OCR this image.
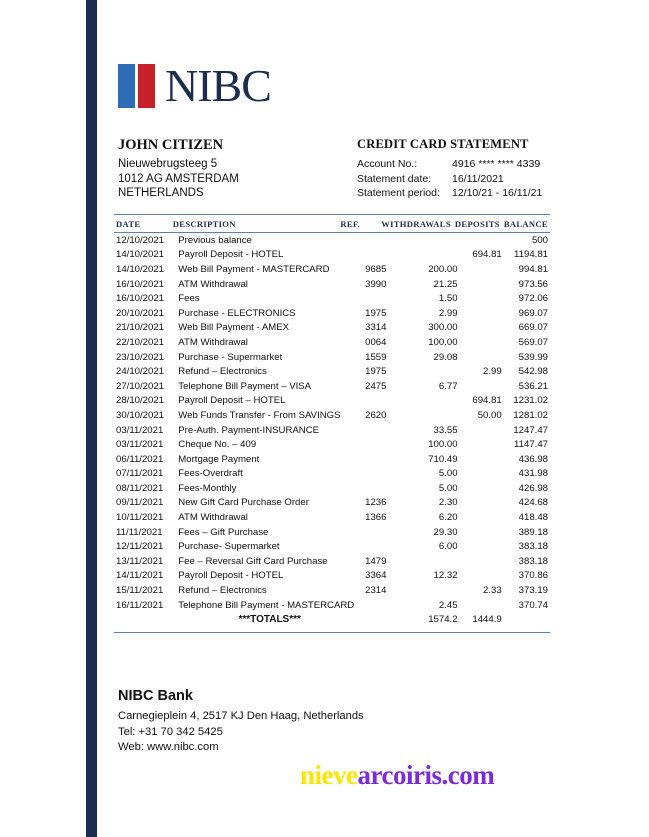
NIBC
JOHN CITIZEN
Nieuwebrugsteeg 5
1012 AG AMSTERDAM
NETHERLANDS
CREDIT CARD STATEMENT
Account No.:	4916 **** **** 4339
Statement date:	16/11/2021
Statement period:	12/10/21 - 16/11/21
DATE	DESCRIPTION	REF.	WITHDRAWALS	DEPOSITS	BALANCE
12/10/2021	Previous balance				500
14/10/2021	Payroll Deposit - HOTEL			694.81	1194.81
14/10/2021	Web Bill Payment - MASTERCARD	9685	200.00		994.81
16/10/2021	ATM Withdrawal	3990	21.25		973.56
16/10/2021	Fees		1.50		972.06
20/10/2021	Purchase - ELECTRONICS	1975	2.99		969.07
21/10/2021	Web Bill Payment - AMEX	3314	300.00		669.07
22/10/2021	ATM Withdrawal	0064	100.00		569.07
23/10/2021	Purchase - Supermarket	1559	29.08		539.99
24/10/2021	Refund – Electronics	1975		2.99	542.98
27/10/2021	Telephone Bill Payment – VISA	2475	6.77		536.21
28/10/2021	Payroll Deposit – HOTEL			694.81	1231.02
30/10/2021	Web Funds Transfer - From SAVINGS	2620		50.00	1281.02
03/11/2021	Pre-Auth. Payment-INSURANCE		33.55		1247.47
03/11/2021	Cheque No. – 409		100.00		1147.47
06/11/2021	Mortgage Payment		710.49		436.98
07/11/2021	Fees-Overdraft		5.00		431.98
08/11/2021	Fees-Monthly		5.00		426.98
09/11/2021	New Gift Card Purchase Order	1236	2.30		424.68
10/11/2021	ATM Withdrawal	1366	6.20		418.48
11/11/2021	Fees – Gift Purchase		29.30		389.18
12/11/2021	Purchase- Supermarket		6.00		383.18
13/11/2021	Fee – Reversal Gift Card Purchase	1479			383.18
14/11/2021	Payroll Deposit - HOTEL	3364	12.32		370.86
15/11/2021	Refund – Electronics	2314		2.33	373.19
16/11/2021	Telephone Bill Payment - MASTERCARD		2.45		370.74
	***TOTALS***		1574.2	1444.9	
NIBC Bank
Carnegieplein 4, 2517 KJ Den Haag, Netherlands
Tel: +31 70 342 5425
Web: www.nibc.com
nievearcoiris.com
